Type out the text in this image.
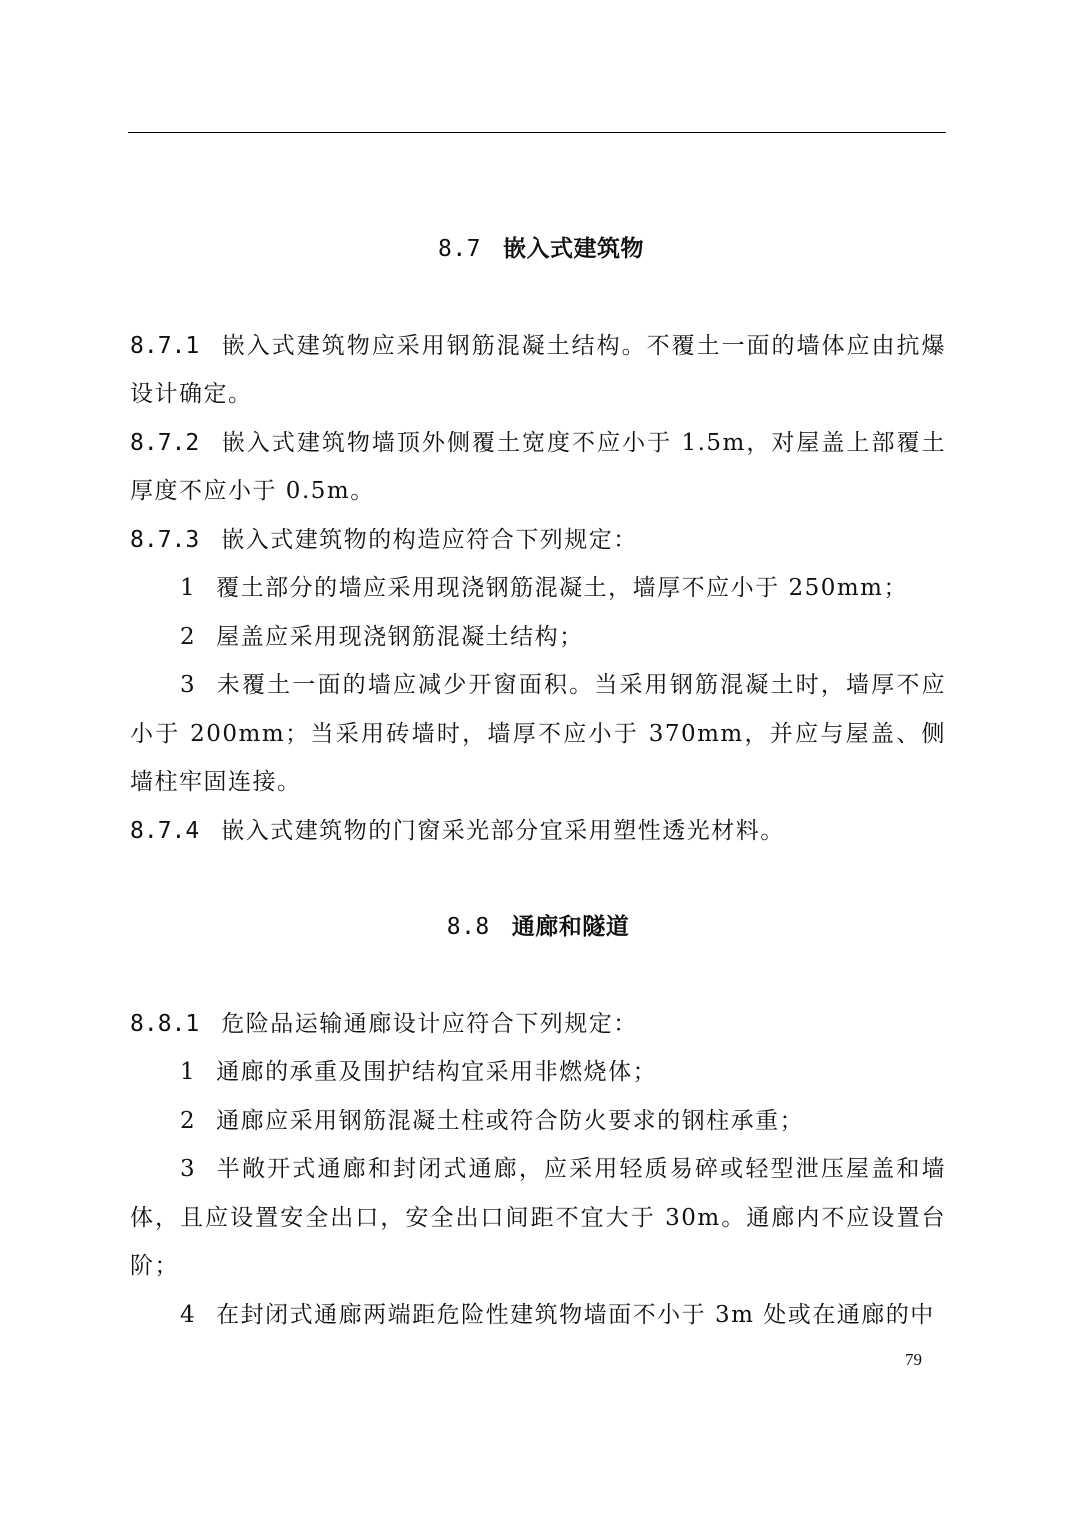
8.7 嵌入式建筑物

8.7.1 嵌入式建筑物应采用钢筋混凝土结构。不覆土一面的墙体应由抗爆设计确定。

8.7.2 嵌入式建筑物墙顶外侧覆土宽度不应小于 1.5m，对屋盖上部覆土厚度不应小于 0.5m。

8.7.3 嵌入式建筑物的构造应符合下列规定：

1 覆土部分的墙应采用现浇钢筋混凝土，墙厚不应小于 250mm；

2 屋盖应采用现浇钢筋混凝土结构；

3 未覆土一面的墙应减少开窗面积。当采用钢筋混凝土时，墙厚不应小于 200mm；当采用砖墙时，墙厚不应小于 370mm，并应与屋盖、侧墙柱牢固连接。

8.7.4 嵌入式建筑物的门窗采光部分宜采用塑性透光材料。

8.8 通廊和隧道

8.8.1 危险品运输通廊设计应符合下列规定：

1 通廊的承重及围护结构宜采用非燃烧体；

2 通廊应采用钢筋混凝土柱或符合防火要求的钢柱承重；

3 半敞开式通廊和封闭式通廊，应采用轻质易碎或轻型泄压屋盖和墙体，且应设置安全出口，安全出口间距不宜大于 30m。通廊内不应设置台阶；

4 在封闭式通廊两端距危险性建筑物墙面不小于 3m 处或在通廊的中

79
